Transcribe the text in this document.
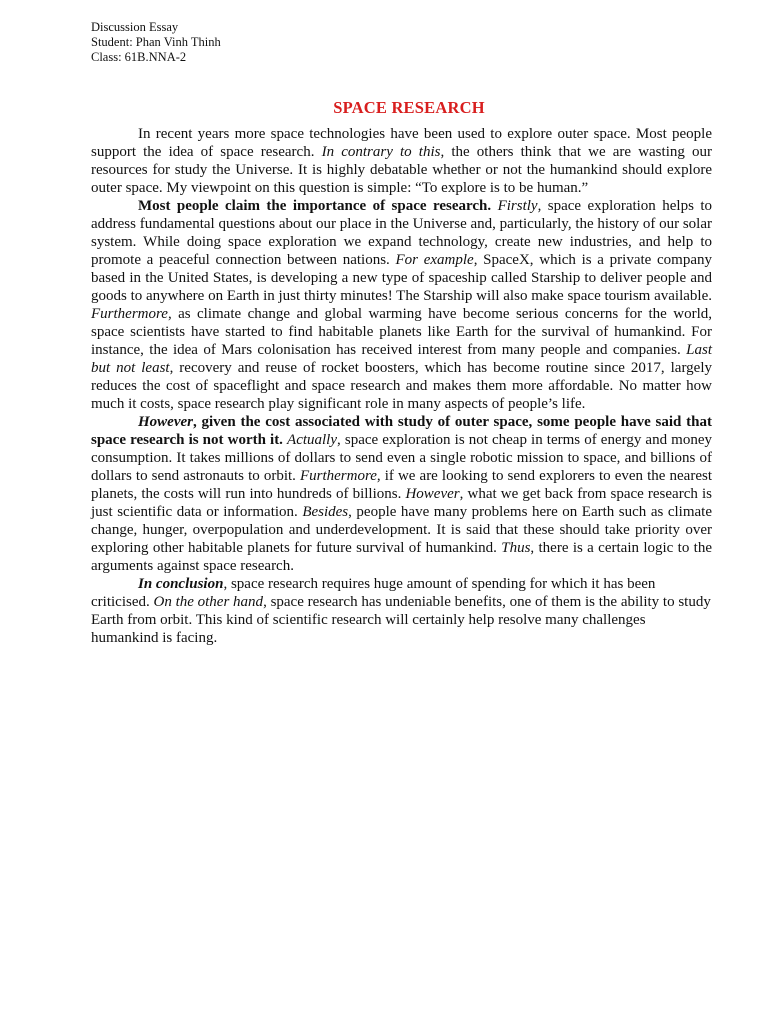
Discussion Essay
Student: Phan Vinh Thinh
Class: 61B.NNA-2
SPACE RESEARCH

In recent years more space technologies have been used to explore outer space. Most people support the idea of space research. In contrary to this, the others think that we are wasting our resources for study the Universe. It is highly debatable whether or not the humankind should explore outer space. My viewpoint on this question is simple: “To explore is to be human.”

Most people claim the importance of space research. Firstly, space exploration helps to address fundamental questions about our place in the Universe and, particularly, the history of our solar system. While doing space exploration we expand technology, create new industries, and help to promote a peaceful connection between nations. For example, SpaceX, which is a private company based in the United States, is developing a new type of spaceship called Starship to deliver people and goods to anywhere on Earth in just thirty minutes! The Starship will also make space tourism available. Furthermore, as climate change and global warming have become serious concerns for the world, space scientists have started to find habitable planets like Earth for the survival of humankind. For instance, the idea of Mars colonisation has received interest from many people and companies. Last but not least, recovery and reuse of rocket boosters, which has become routine since 2017, largely reduces the cost of spaceflight and space research and makes them more affordable. No matter how much it costs, space research play significant role in many aspects of people’s life.

However, given the cost associated with study of outer space, some people have said that space research is not worth it. Actually, space exploration is not cheap in terms of energy and money consumption. It takes millions of dollars to send even a single robotic mission to space, and billions of dollars to send astronauts to orbit. Furthermore, if we are looking to send explorers to even the nearest planets, the costs will run into hundreds of billions. However, what we get back from space research is just scientific data or information. Besides, people have many problems here on Earth such as climate change, hunger, overpopulation and underdevelopment. It is said that these should take priority over exploring other habitable planets for future survival of humankind. Thus, there is a certain logic to the arguments against space research.

In conclusion, space research requires huge amount of spending for which it has been criticised. On the other hand, space research has undeniable benefits, one of them is the ability to study Earth from orbit. This kind of scientific research will certainly help resolve many challenges humankind is facing.
